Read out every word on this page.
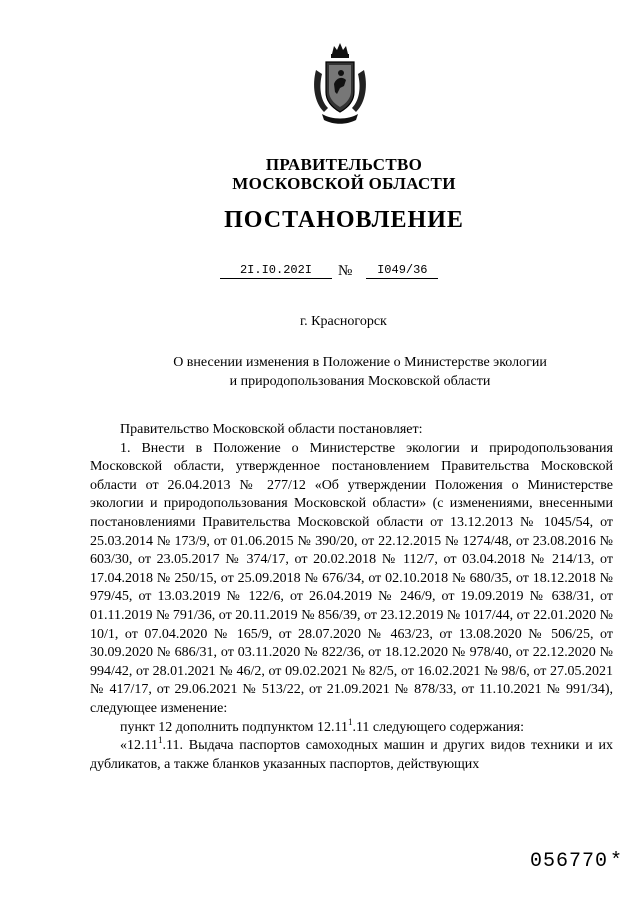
ПРАВИТЕЛЬСТВО
МОСКОВСКОЙ ОБЛАСТИ
ПОСТАНОВЛЕНИЕ
2I.I0.202I	№	I049/36
г. Красногорск
О внесении изменения в Положение о Министерстве экологии
и природопользования Московской области

Правительство Московской области постановляет:

1. Внести в Положение о Министерстве экологии и природопользования Московской области, утвержденное постановлением Правительства Московской области от 26.04.2013 № 277/12 «Об утверждении Положения о Министерстве экологии и природопользования Московской области» (с изменениями, внесенными постановлениями Правительства Московской области от 13.12.2013 № 1045/54, от 25.03.2014 № 173/9, от 01.06.2015 № 390/20, от 22.12.2015 № 1274/48, от 23.08.2016 № 603/30, от 23.05.2017 № 374/17, от 20.02.2018 № 112/7, от 03.04.2018 № 214/13, от 17.04.2018 № 250/15, от 25.09.2018 № 676/34, от 02.10.2018 № 680/35, от 18.12.2018 № 979/45, от 13.03.2019 № 122/6, от 26.04.2019 № 246/9, от 19.09.2019 № 638/31, от 01.11.2019 № 791/36, от 20.11.2019 № 856/39, от 23.12.2019 № 1017/44, от 22.01.2020 № 10/1, от 07.04.2020 № 165/9, от 28.07.2020 № 463/23, от 13.08.2020 № 506/25, от 30.09.2020 № 686/31, от 03.11.2020 № 822/36, от 18.12.2020 № 978/40, от 22.12.2020 № 994/42, от 28.01.2021 № 46/2, от 09.02.2021 № 82/5, от 16.02.2021 № 98/6, от 27.05.2021 № 417/17, от 29.06.2021 № 513/22, от 21.09.2021 № 878/33, от 11.10.2021 № 991/34), следующее изменение:

пункт 12 дополнить подпунктом 12.11$^1$.11 следующего содержания:

«12.11$^1$.11. Выдача паспортов самоходных машин и других видов техники и их дубликатов, а также бланков указанных паспортов, действующих

056770 *
